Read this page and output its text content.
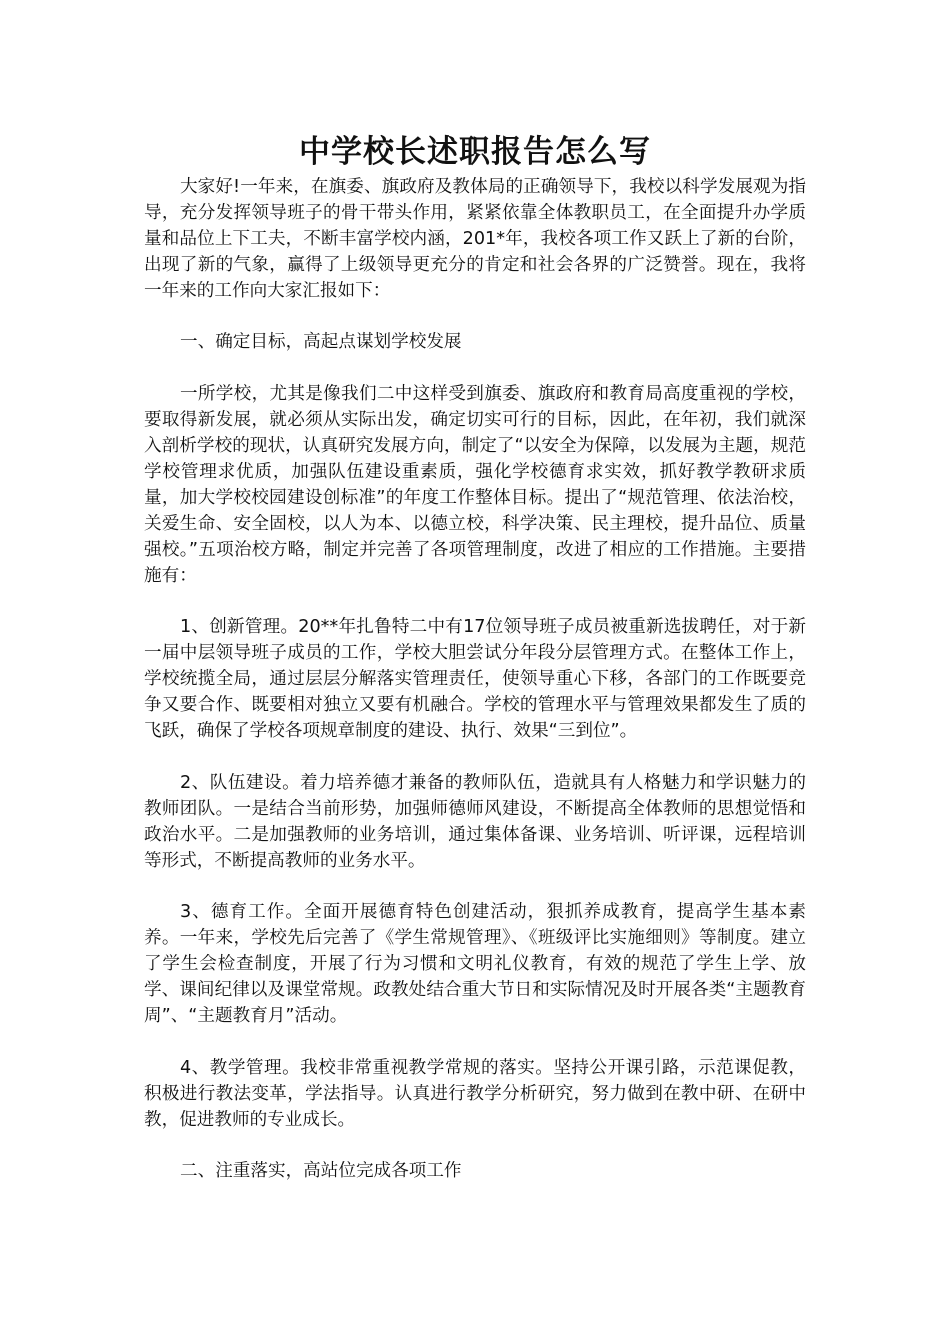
中学校长述职报告怎么写

大家好!一年来，在旗委、旗政府及教体局的正确领导下，我校以科学发展观为指导，充分发挥领导班子的骨干带头作用，紧紧依靠全体教职员工，在全面提升办学质量和品位上下工夫，不断丰富学校内涵，201*年，我校各项工作又跃上了新的台阶，出现了新的气象，赢得了上级领导更充分的肯定和社会各界的广泛赞誉。现在，我将一年来的工作向大家汇报如下：

一、确定目标，高起点谋划学校发展

一所学校，尤其是像我们二中这样受到旗委、旗政府和教育局高度重视的学校，要取得新发展，就必须从实际出发，确定切实可行的目标，因此，在年初，我们就深入剖析学校的现状，认真研究发展方向，制定了“以安全为保障，以发展为主题，规范学校管理求优质，加强队伍建设重素质，强化学校德育求实效，抓好教学教研求质量，加大学校校园建设创标准”的年度工作整体目标。提出了“规范管理、依法治校，关爱生命、安全固校，以人为本、以德立校，科学决策、民主理校，提升品位、质量强校。”五项治校方略，制定并完善了各项管理制度，改进了相应的工作措施。主要措施有：

1、创新管理。20**年扎鲁特二中有17位领导班子成员被重新选拔聘任，对于新一届中层领导班子成员的工作，学校大胆尝试分年段分层管理方式。在整体工作上，学校统揽全局，通过层层分解落实管理责任，使领导重心下移，各部门的工作既要竞争又要合作、既要相对独立又要有机融合。学校的管理水平与管理效果都发生了质的飞跃，确保了学校各项规章制度的建设、执行、效果“三到位”。

2、队伍建设。着力培养德才兼备的教师队伍，造就具有人格魅力和学识魅力的教师团队。一是结合当前形势，加强师德师风建设，不断提高全体教师的思想觉悟和政治水平。二是加强教师的业务培训，通过集体备课、业务培训、听评课，远程培训等形式，不断提高教师的业务水平。

3、德育工作。全面开展德育特色创建活动，狠抓养成教育，提高学生基本素养。一年来，学校先后完善了《学生常规管理》、《班级评比实施细则》等制度。建立了学生会检查制度，开展了行为习惯和文明礼仪教育，有效的规范了学生上学、放学、课间纪律以及课堂常规。政教处结合重大节日和实际情况及时开展各类“主题教育周”、“主题教育月”活动。

4、教学管理。我校非常重视教学常规的落实。坚持公开课引路，示范课促教，积极进行教法变革，学法指导。认真进行教学分析研究，努力做到在教中研、在研中教，促进教师的专业成长。

二、注重落实，高站位完成各项工作
